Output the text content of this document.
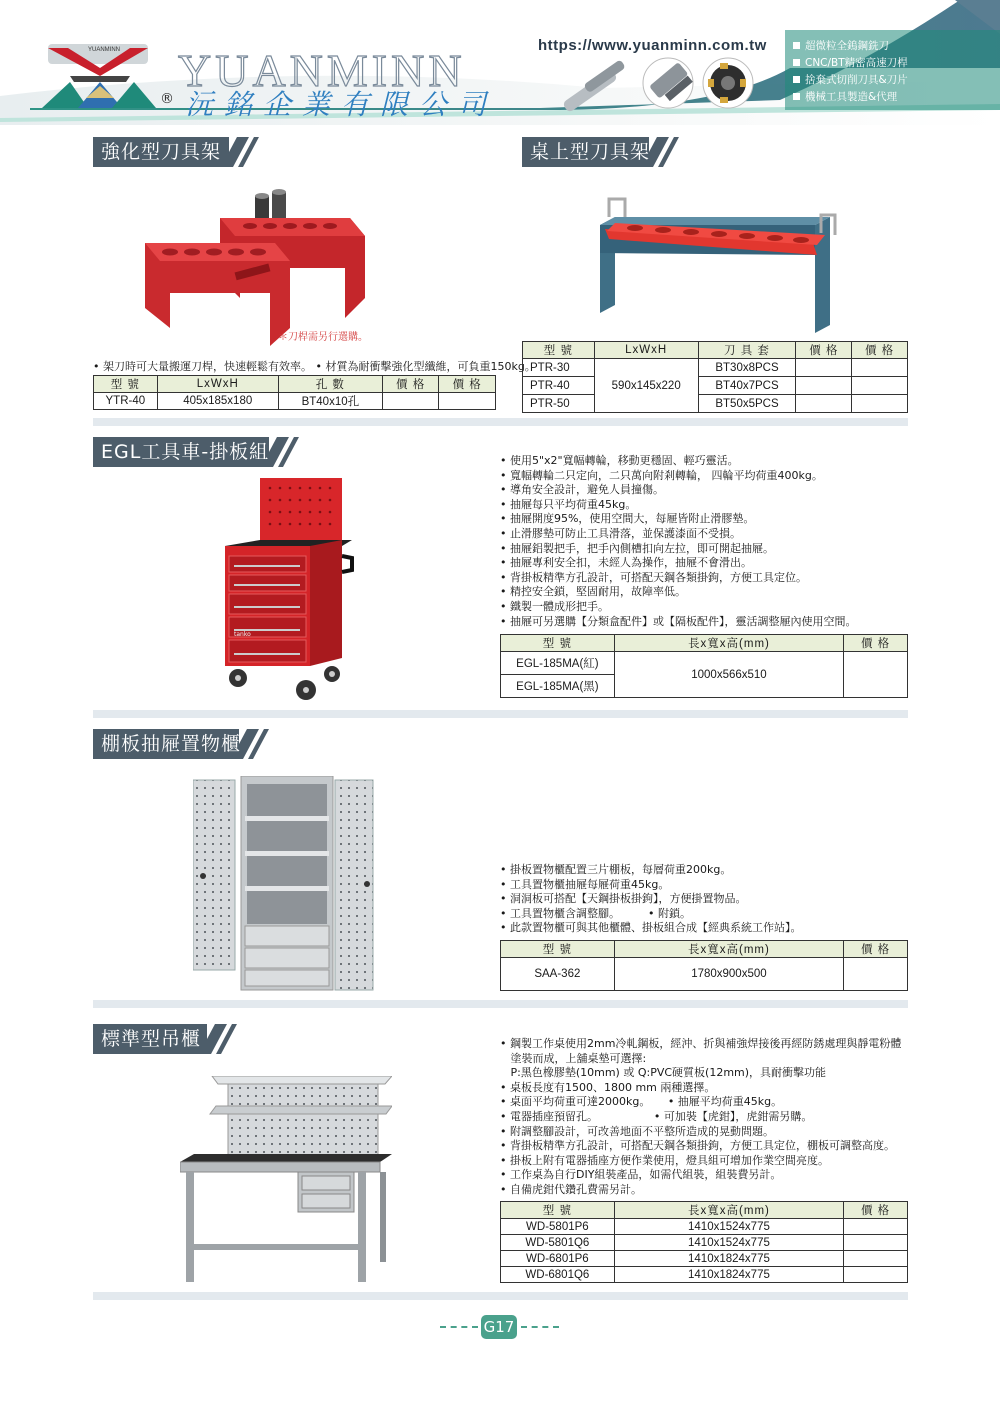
YUANMINN YUANMINN
® 沅銘企業有限公司
https://www.yuanminn.com.tw	超微粒全鎢鋼銑刀
CNC/BT精密高速刀桿
捨棄式切削刀具&刀片
機械工具製造&代理
強化型刀具架
＊刀桿需另行選購。
• 架刀時可大量搬運刀桿，快速輕鬆有效率。 • 材質為耐衝擊強化型纖維，可負重150kg。
型 號	LxWxH	孔 數	價 格	價 格
YTR-40	405x185x180	BT40x10孔		
桌上型刀具架
型 號	LxWxH	刀 具 套	價 格	價 格
PTR-30	590x145x220	BT30x8PCS		
PTR-40		BT40x7PCS		
PTR-50		BT50x5PCS		
EGL工具車-掛板組
tanko
• 使用5"x2"寬幅轉輪，移動更穩固、輕巧靈活。
• 寬幅轉輪二只定向，二只萬向附剎轉輪， 四輪平均荷重400kg。
• 導角安全設計，避免人員撞傷。
• 抽屜每只平均荷重45kg。
• 抽屜開度95%，使用空間大，每屜皆附止滑膠墊。
• 止滑膠墊可防止工具滑落，並保護漆面不受損。
• 抽屜鋁製把手，把手內側槽扣向左拉，即可開起抽屜。
• 抽屜專利安全扣，未經人為操作，抽屜不會滑出。
• 背掛板精準方孔設計，可搭配天鋼各類掛鉤，方便工具定位。
• 精控安全鎖，堅固耐用，故障率低。
• 鐵製一體成形把手。
• 抽屜可另選購【分類盒配件】或【隔板配件】，靈活調整屜內使用空間。
型 號	長x寬x高(mm)	價 格
EGL-185MA(紅)	1000x566x510	
EGL-185MA(黑)		
棚板抽屜置物櫃
• 掛板置物櫃配置三片棚板，每層荷重200kg。
• 工具置物櫃抽屜每屜荷重45kg。
• 洞洞板可搭配【天鋼掛板掛鉤】，方便掛置物品。
• 工具置物櫃含調整腳。        • 附鎖。
• 此款置物櫃可與其他櫃體、掛板組合成【經典系統工作站】。
型 號	長x寬x高(mm)	價 格
SAA-362	1780x900x500	
標準型吊櫃	• 鋼製工作桌使用2mm冷軋鋼板，經沖、折與補強焊接後再經防銹處理與靜電粉體
塗裝而成，上舖桌墊可選擇:
P:黑色橡膠墊(10mm) 或 Q:PVC硬質板(12mm)，具耐衝擊功能
• 桌板長度有1500、1800 mm 兩種選擇。
• 桌面平均荷重可達2000kg。     • 抽屜平均荷重45kg。
• 電器插座預留孔。                • 可加裝【虎鉗】，虎鉗需另購。
• 附調整腳設計，可改善地面不平整所造成的晃動問題。
• 背掛板精準方孔設計，可搭配天鋼各類掛鉤，方便工具定位，棚板可調整高度。
• 掛板上附有電器插座方便作業使用，燈具組可增加作業空間亮度。
• 工作桌為自行DIY組裝產品，如需代組裝，組裝費另計。
• 自備虎鉗代鑽孔費需另計。
型 號	長x寬x高(mm)	價 格
WD-5801P6	1410x1524x775	
WD-5801Q6	1410x1524x775	
WD-6801P6	1410x1824x775	
WD-6801Q6	1410x1824x775	
G17
